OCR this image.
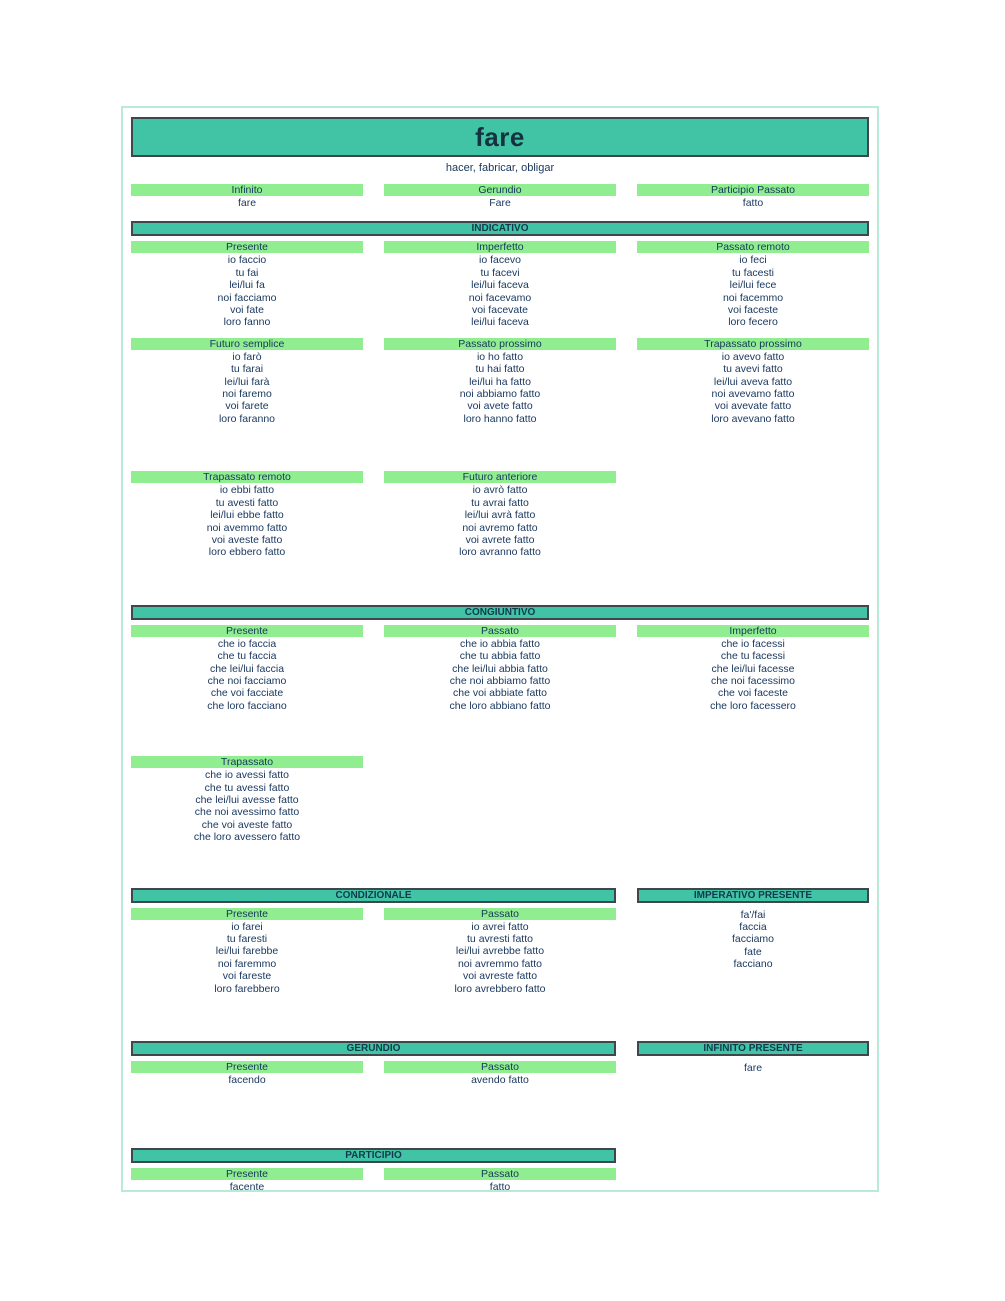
fare
hacer, fabricar, obligar
Infinito
fare
Gerundio
Fare
Participio Passato
fatto
INDICATIVO
Presente
io faccio
tu fai
lei/lui fa
noi facciamo
voi fate
loro fanno
Imperfetto
io facevo
tu facevi
lei/lui faceva
noi facevamo
voi facevate
lei/lui faceva
Passato remoto
io feci
tu facesti
lei/lui fece
noi facemmo
voi faceste
loro fecero
Futuro semplice
io farò
tu farai
lei/lui farà
noi faremo
voi farete
loro faranno
Passato prossimo
io ho fatto
tu hai fatto
lei/lui ha fatto
noi abbiamo fatto
voi avete fatto
loro hanno fatto
Trapassato prossimo
io avevo fatto
tu avevi fatto
lei/lui aveva fatto
noi avevamo fatto
voi avevate fatto
loro avevano fatto
Trapassato remoto
io ebbi fatto
tu avesti fatto
lei/lui ebbe fatto
noi avemmo fatto
voi aveste fatto
loro ebbero fatto
Futuro anteriore
io avrò fatto
tu avrai fatto
lei/lui avrà fatto
noi avremo fatto
voi avrete fatto
loro avranno fatto
CONGIUNTIVO
Presente
che io faccia
che tu faccia
che lei/lui faccia
che noi facciamo
che voi facciate
che loro facciano
Passato
che io abbia fatto
che tu abbia fatto
che lei/lui abbia fatto
che noi abbiamo fatto
che voi abbiate fatto
che loro abbiano fatto
Imperfetto
che io facessi
che tu facessi
che lei/lui facesse
che noi facessimo
che voi faceste
che loro facessero
Trapassato
che io avessi fatto
che tu avessi fatto
che lei/lui avesse fatto
che noi avessimo fatto
che voi aveste fatto
che loro avessero fatto
CONDIZIONALE	IMPERATIVO PRESENTE
Presente
io farei
tu faresti
lei/lui farebbe
noi faremmo
voi fareste
loro farebbero
Passato
io avrei fatto
tu avresti fatto
lei/lui avrebbe fatto
noi avremmo fatto
voi avreste fatto
loro avrebbero fatto
fa'/fai
faccia
facciamo
fate
facciano
GERUNDIO	INFINITO PRESENTE
Presente
facendo
Passato
avendo fatto
fare
PARTICIPIO
Presente
facente
Passato
fatto
